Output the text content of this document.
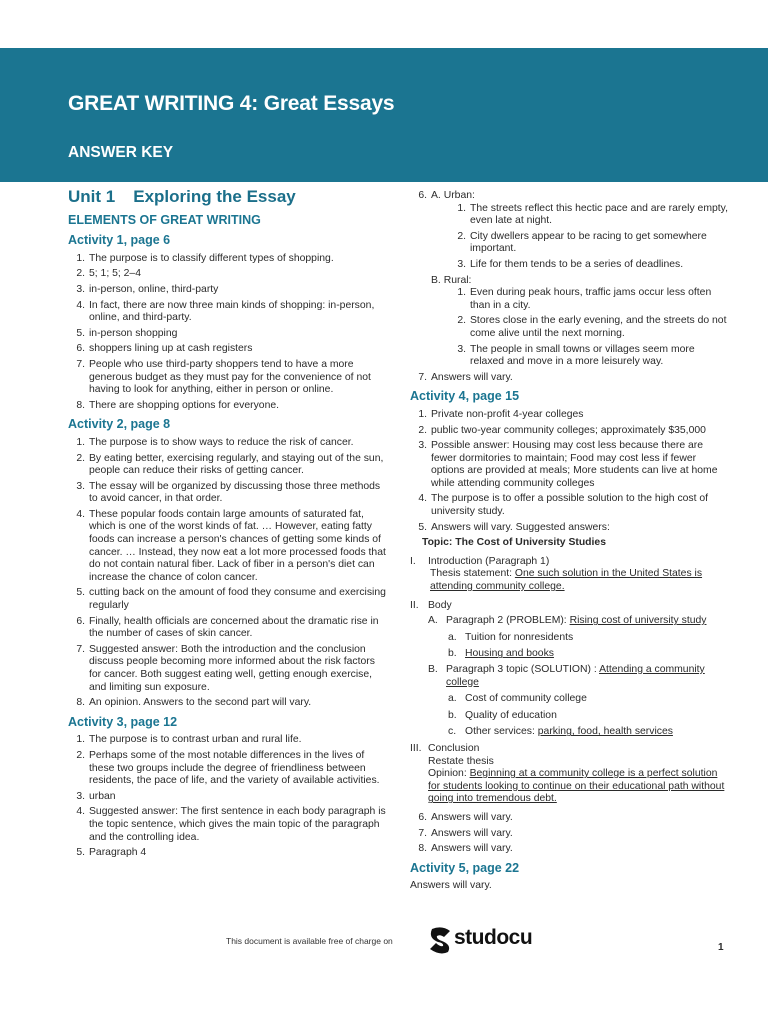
GREAT WRITING 4: Great Essays
ANSWER KEY
Unit 1 Exploring the Essay
ELEMENTS OF GREAT WRITING
Activity 1, page 6
1. The purpose is to classify different types of shopping.
2. 5; 1; 5; 2–4
3. in-person, online, third-party
4. In fact, there are now three main kinds of shopping: in-person, online, and third-party.
5. in-person shopping
6. shoppers lining up at cash registers
7. People who use third-party shoppers tend to have a more generous budget as they must pay for the convenience of not having to look for anything, either in person or online.
8. There are shopping options for everyone.
Activity 2, page 8
1. The purpose is to show ways to reduce the risk of cancer.
2. By eating better, exercising regularly, and staying out of the sun, people can reduce their risks of getting cancer.
3. The essay will be organized by discussing those three methods to avoid cancer, in that order.
4. These popular foods contain large amounts of saturated fat, which is one of the worst kinds of fat. … However, eating fatty foods can increase a person's chances of getting some kinds of cancer. … Instead, they now eat a lot more processed foods that do not contain natural fiber. Lack of fiber in a person's diet can increase the chance of colon cancer.
5. cutting back on the amount of food they consume and exercising regularly
6. Finally, health officials are concerned about the dramatic rise in the number of cases of skin cancer.
7. Suggested answer: Both the introduction and the conclusion discuss people becoming more informed about the risk factors for cancer. Both suggest eating well, getting enough exercise, and limiting sun exposure.
8. An opinion. Answers to the second part will vary.
Activity 3, page 12
1. The purpose is to contrast urban and rural life.
2. Perhaps some of the most notable differences in the lives of these two groups include the degree of friendliness between residents, the pace of life, and the variety of available activities.
3. urban
4. Suggested answer: The first sentence in each body paragraph is the topic sentence, which gives the main topic of the paragraph and the controlling idea.
5. Paragraph 4
6. A. Urban:
1. The streets reflect this hectic pace and are rarely empty, even late at night.
2. City dwellers appear to be racing to get somewhere important.
3. Life for them tends to be a series of deadlines.
B. Rural:
1. Even during peak hours, traffic jams occur less often than in a city.
2. Stores close in the early evening, and the streets do not come alive until the next morning.
3. The people in small towns or villages seem more relaxed and move in a more leisurely way.
7. Answers will vary.
Activity 4, page 15
1. Private non-profit 4-year colleges
2. public two-year community colleges; approximately $35,000
3. Possible answer: Housing may cost less because there are fewer dormitories to maintain; Food may cost less if fewer options are provided at meals; More students can live at home while attending community colleges
4. The purpose is to offer a possible solution to the high cost of university study.
5. Answers will vary. Suggested answers:
Topic: The Cost of University Studies
I. Introduction (Paragraph 1)
Thesis statement: One such solution in the United States is attending community college.
II. Body
A. Paragraph 2 (PROBLEM): Rising cost of university study
a. Tuition for nonresidents
b. Housing and books
B. Paragraph 3 topic (SOLUTION) : Attending a community college
a. Cost of community college
b. Quality of education
c. Other services: parking, food, health services
III. Conclusion
Restate thesis
Opinion: Beginning at a community college is a perfect solution for students looking to continue on their educational path without going into tremendous debt.
6. Answers will vary.
7. Answers will vary.
8. Answers will vary.
Activity 5, page 22
Answers will vary.
This document is available free of charge on	studocu	1
